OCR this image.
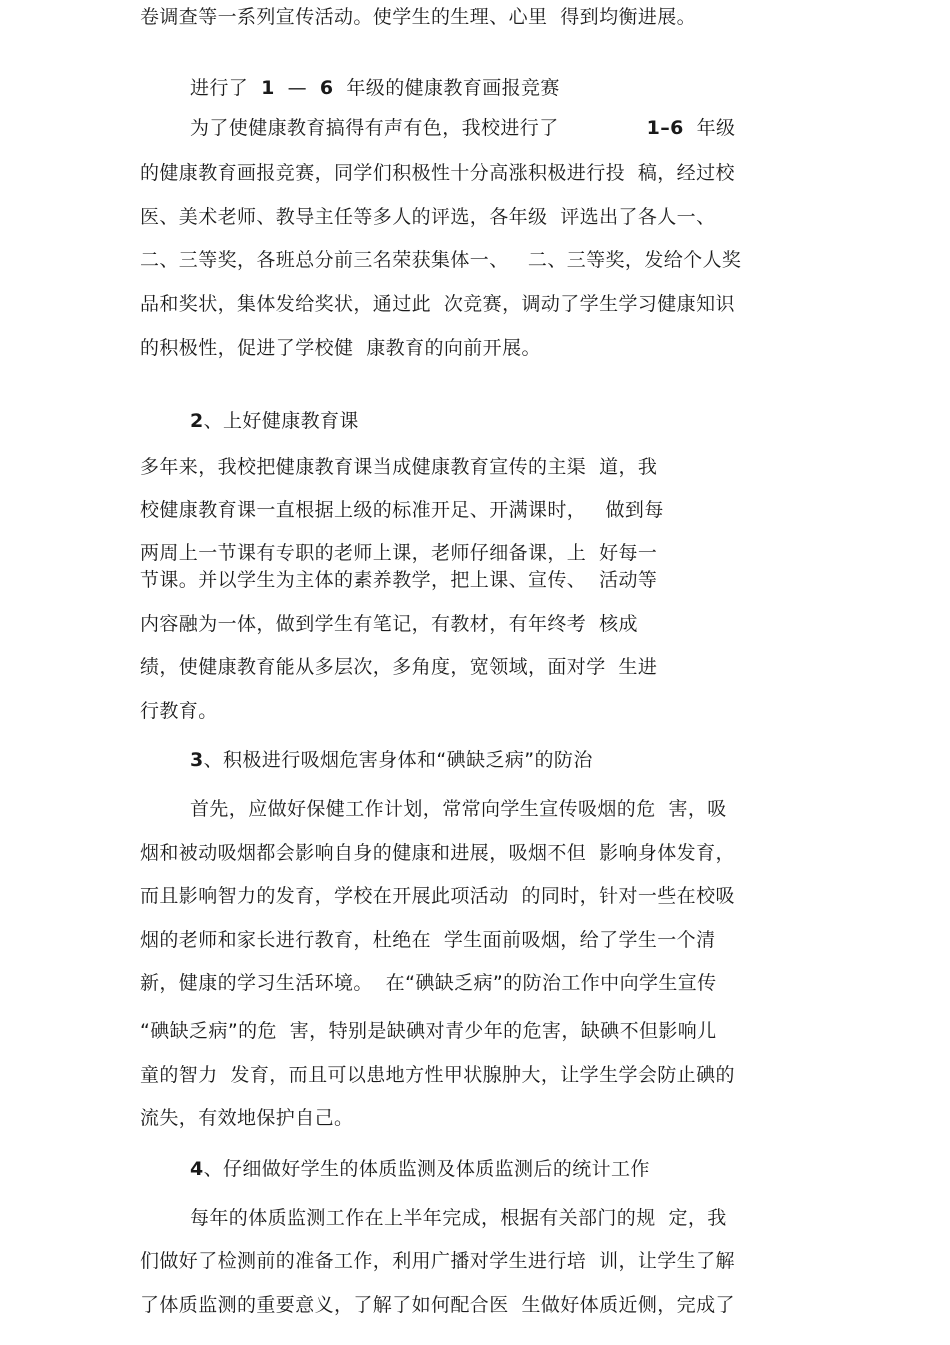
卷调查等一系列宣传活动。使学生的生理、心里  得到均衡进展。
进行了  1  —  6  年级的健康教育画报竞赛
为了使健康教育搞得有声有色，我校进行了	1–6  年级
的健康教育画报竞赛，同学们积极性十分高涨积极进行投  稿，经过校
医、美术老师、教导主任等多人的评选，各年级  评选出了各人一、
二、三等奖，各班总分前三名荣获集体一、   二、三等奖，发给个人奖
品和奖状，集体发给奖状，通过此  次竞赛，调动了学生学习健康知识
的积极性，促进了学校健  康教育的向前开展。
2、上好健康教育课
多年来，我校把健康教育课当成健康教育宣传的主渠  道，我
校健康教育课一直根据上级的标准开足、开满课时，   做到每
两周上一节课有专职的老师上课，老师仔细备课，上  好每一
节课。并以学生为主体的素养教学，把上课、宣传、  活动等
内容融为一体，做到学生有笔记，有教材，有年终考  核成
绩，使健康教育能从多层次，多角度，宽领域，面对学  生进
行教育。
3、积极进行吸烟危害身体和“碘缺乏病”的防治
首先，应做好保健工作计划，常常向学生宣传吸烟的危  害，吸
烟和被动吸烟都会影响自身的健康和进展，吸烟不但  影响身体发育，
而且影响智力的发育，学校在开展此项活动  的同时，针对一些在校吸
烟的老师和家长进行教育，杜绝在  学生面前吸烟，给了学生一个清
新，健康的学习生活环境。  在“碘缺乏病”的防治工作中向学生宣传
“碘缺乏病”的危  害，特别是缺碘对青少年的危害，缺碘不但影响儿
童的智力  发育，而且可以患地方性甲状腺肿大，让学生学会防止碘的
流失，有效地保护自己。
4、仔细做好学生的体质监测及体质监测后的统计工作
每年的体质监测工作在上半年完成，根据有关部门的规  定，我
们做好了检测前的准备工作，利用广播对学生进行培  训，让学生了解
了体质监测的重要意义，了解了如何配合医  生做好体质近侧，完成了
